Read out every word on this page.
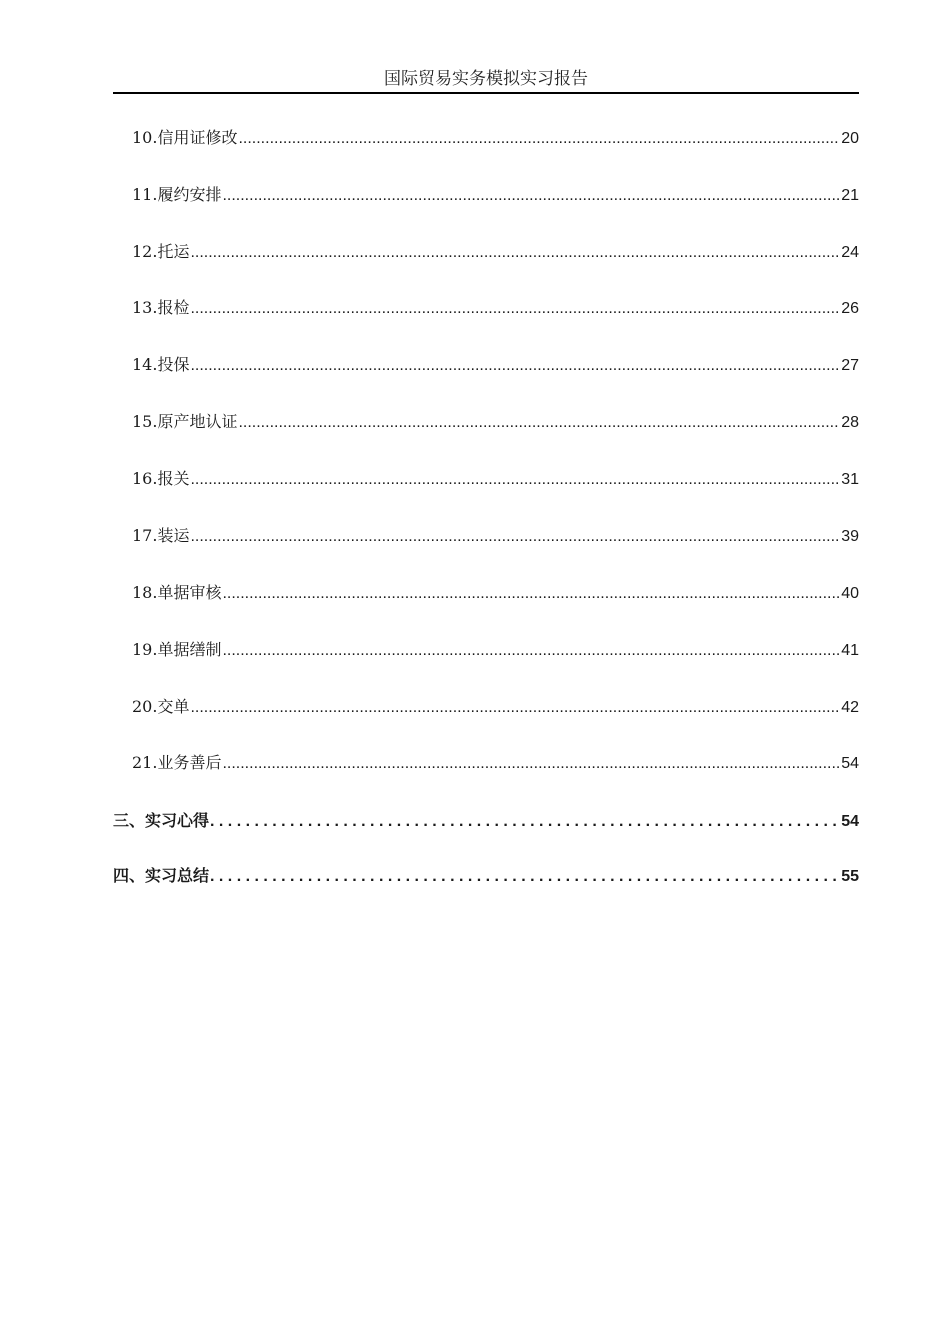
国际贸易实务模拟实习报告
10.信用证修改 .....	20
11.履约安排 .....	21
12.托运 .....	24
13.报检 .....	26
14.投保 .....	27
15.原产地认证 .....	28
16.报关 .....	31
17.装运 .....	39
18.单据审核 .....	40
19.单据缮制 .....	41
20.交单 .....	42
21.业务善后 .....	54
三、实习心得 . . .	54
四、实习总结 . . .	55
